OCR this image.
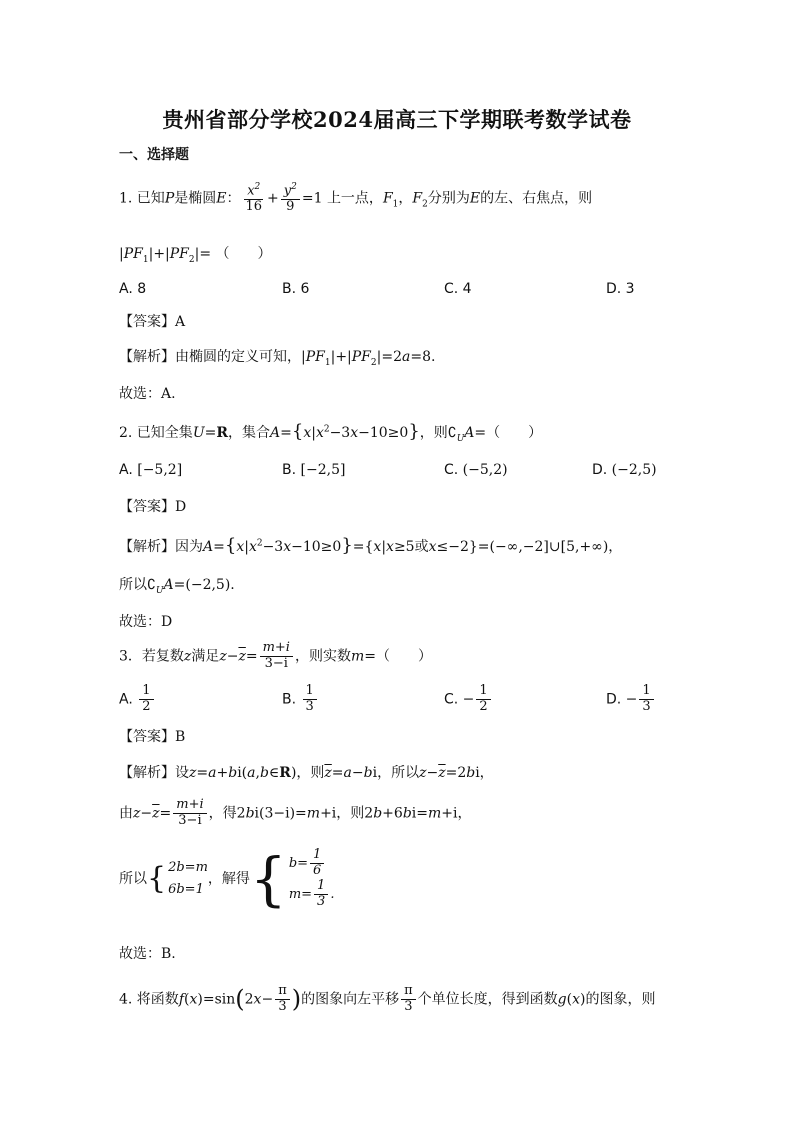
贵州省部分学校2024届高三下学期联考数学试卷
一、选择题
1. 已知P是椭圆E： $\frac{x^2}{16} + \frac{y^2}{9} =1$ 上一点，$F_1$，$F_2$分别为E的左、右焦点，则
$|PF_1|+|PF_2|=$ （　　）
A. 8	B. 6	C. 4	D. 3
【答案】A
【解析】由椭圆的定义可知，$|PF_1|+|PF_2|=2a=8$.
故选：A.
2. 已知全集U=R，集合$A=\{x|x^2-3x-10\ge 0\}$，则$∁_UA=$（　　）
A. [−5,2]	B. [−2,5]	C. (−5,2)	D. (−2,5)
【答案】D
【解析】因为$A=\{x|x^2-3x-10\ge 0\}=\{x|x\ge 5$或x≤−2}=(−∞,−2]∪[5,+∞)，
所以$∁_UA=(-2,5)$.
故选：D
3．若复数z满足$z-\overline{z}= \frac{m+i}{3-i}$ ，则实数m=（　　）
A. $\frac{1}{2}$	B. $\frac{1}{3}$	C. − $\frac{1}{2}$	D. − $\frac{1}{3}$
【答案】B
【解析】设z=a+bi(a,b∈R)，则$\overline{z}=a-bi$，所以$z-\overline{z}=2bi$，
由$z-\overline{z}= \frac{m+i}{3-i}$ ，得2bi(3−i)=m+i，则2b+6bi=m+i，
所以 { 2b=m
6b=1
，解得 { $b= \frac{1}{6}$
$m= \frac{1}{3}$ .
故选：B.
4. 将函数$f(x)=\sin(2x- \frac{\pi}{3}$ )的图象向左平移 $\frac{\pi}{3}$ 个单位长度，得到函数g(x)的图象，则
